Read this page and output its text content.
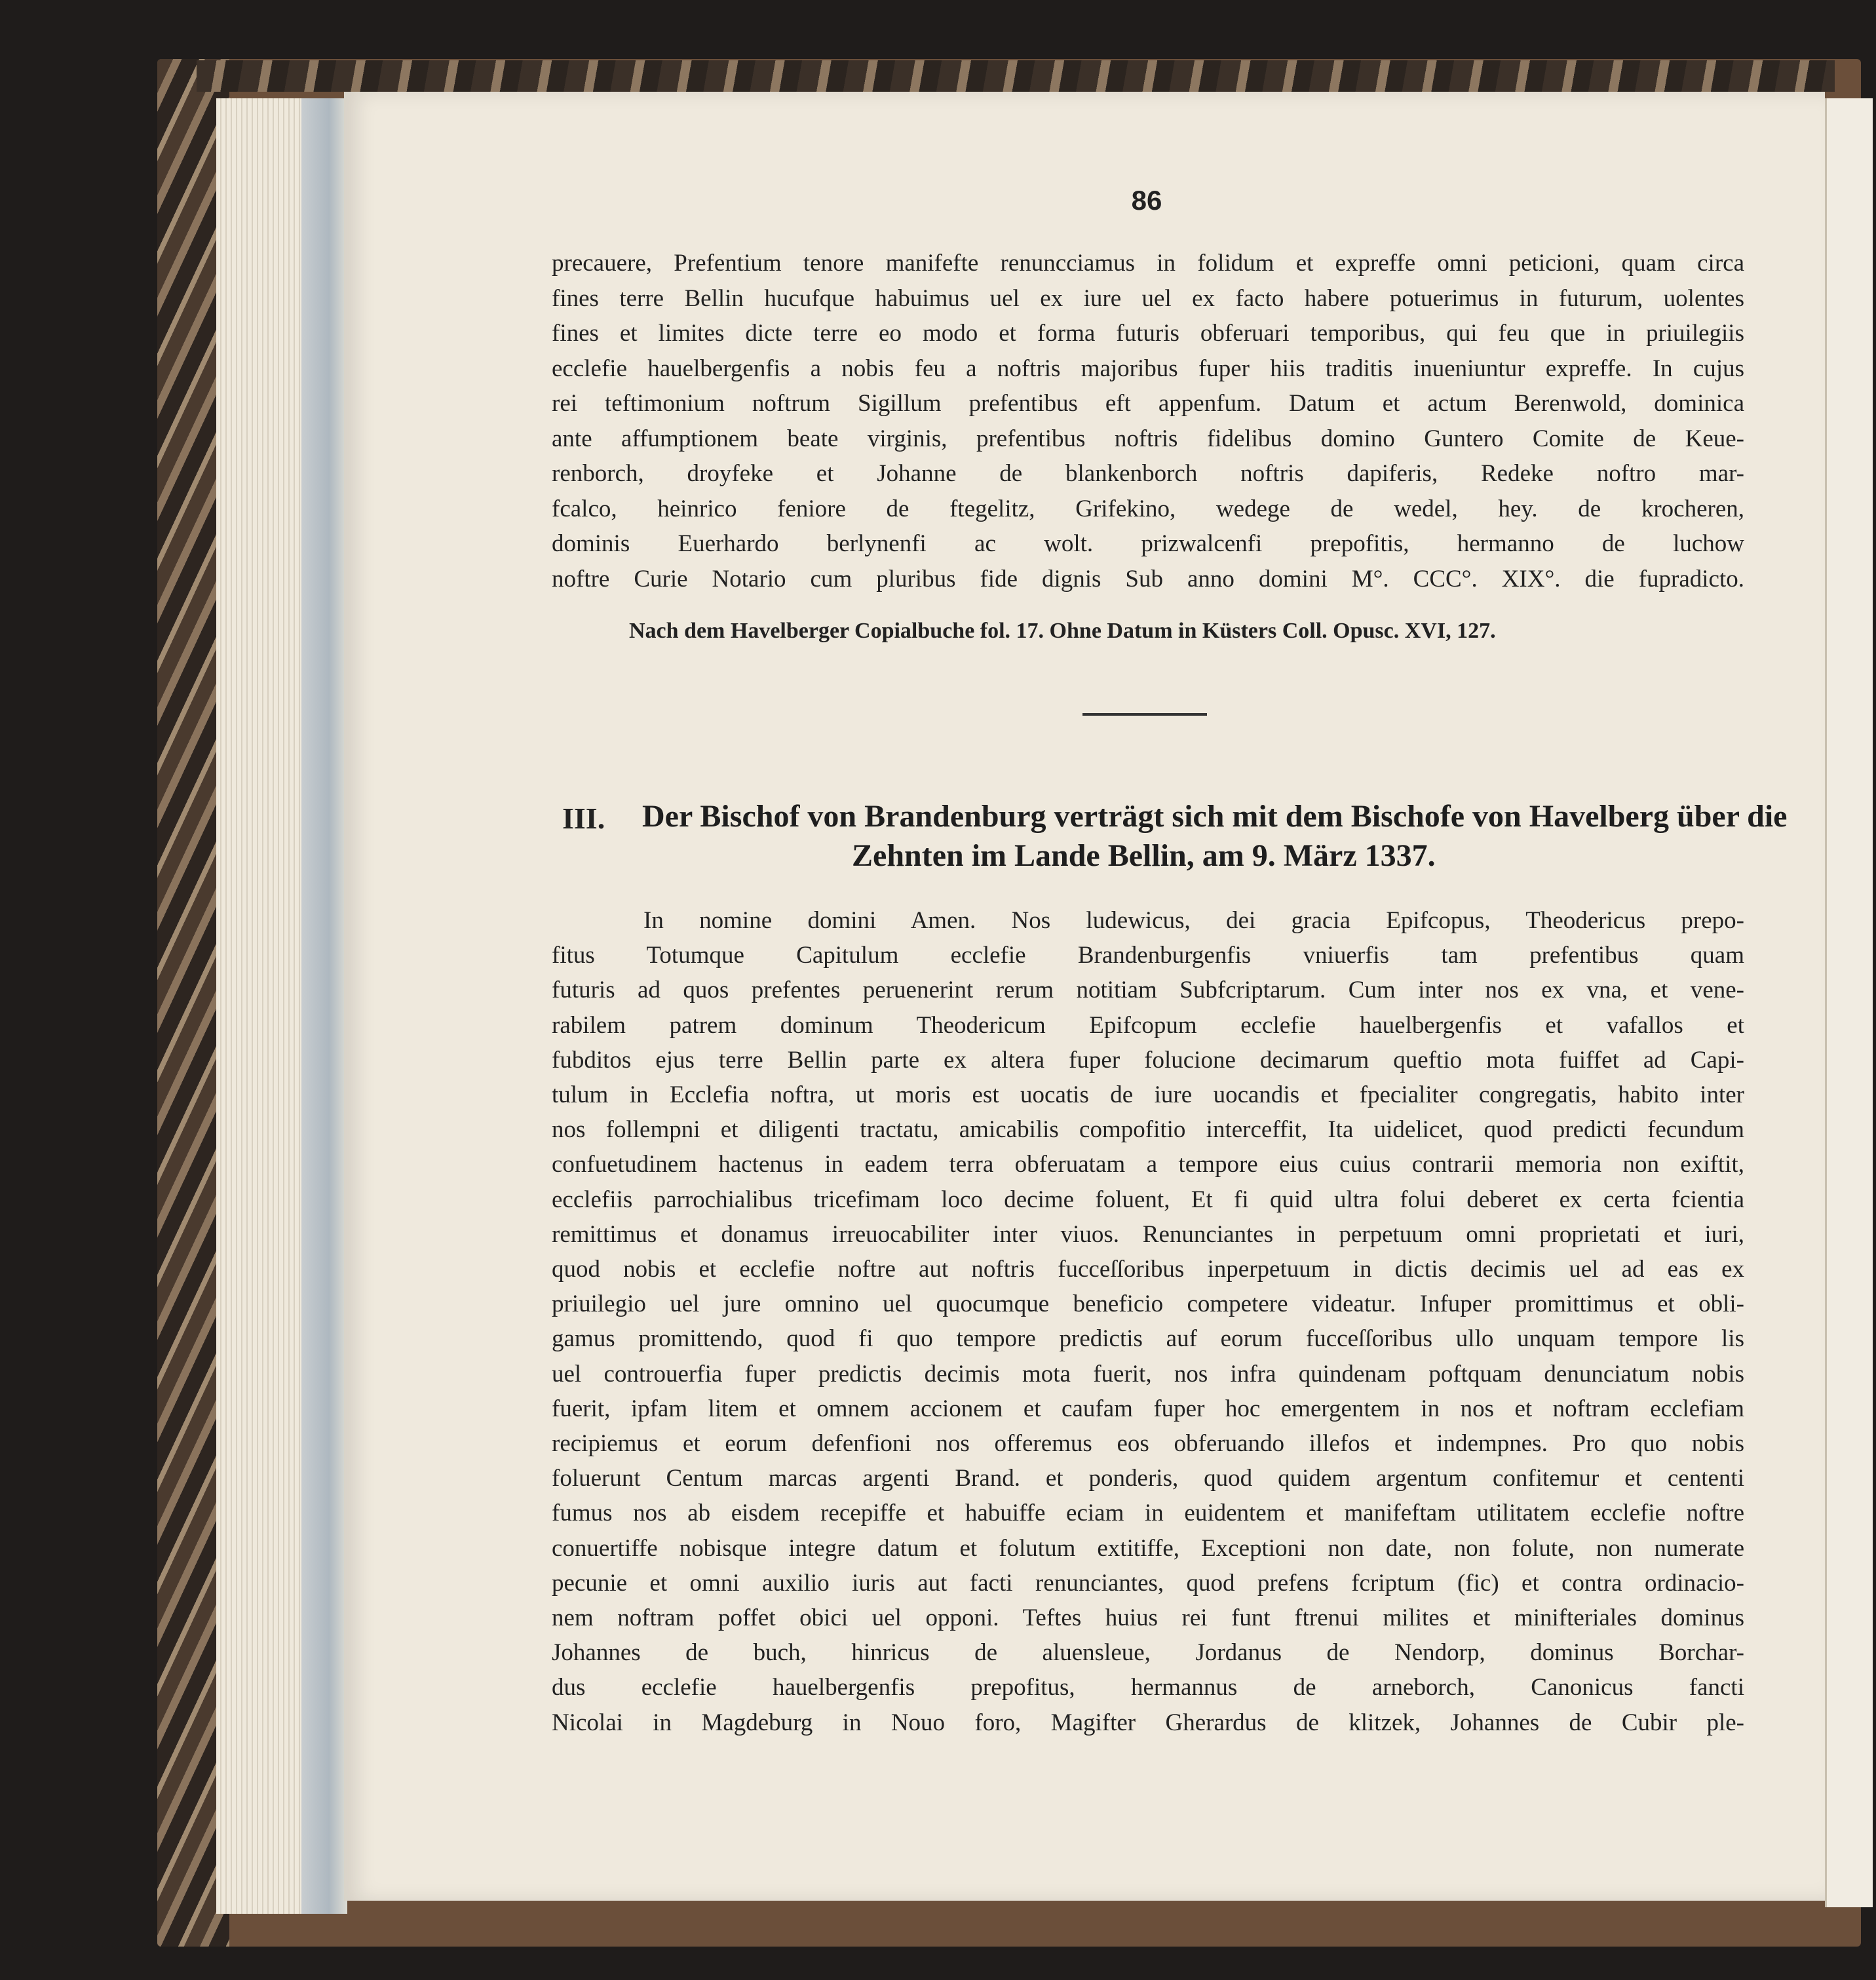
86
precauere, Prefentium tenore manifefte renuncciamus in folidum et expreffe omni peticioni, quam circa
fines terre Bellin hucufque habuimus uel ex iure uel ex facto habere potuerimus in futurum, uolentes
fines et limites dicte terre eo modo et forma futuris obferuari temporibus, qui feu que in priuilegiis
ecclefie hauelbergenfis a nobis feu a noftris majoribus fuper hiis traditis inueniuntur expreffe. In cujus
rei teftimonium noftrum Sigillum prefentibus eft appenfum. Datum et actum Berenwold, dominica
ante affumptionem beate virginis, prefentibus noftris fidelibus domino Guntero Comite de Keue-
renborch, droyfeke et Johanne de blankenborch noftris dapiferis, Redeke noftro mar-
fcalco, heinrico feniore de ftegelitz, Grifekino, wedege de wedel, hey. de krocheren,
dominis Euerhardo berlynenfi ac wolt. prizwalcenfi prepofitis, hermanno de luchow
noftre Curie Notario cum pluribus fide dignis Sub anno domini M°. CCC°. XIX°. die fupradicto.
Nach dem Havelberger Copialbuche fol. 17. Ohne Datum in Küsters Coll. Opusc. XVI, 127.
III. Der Bischof von Brandenburg verträgt sich mit dem Bischofe von Havelberg über die
Zehnten im Lande Bellin, am 9. März 1337.
In nomine domini Amen. Nos ludewicus, dei gracia Epifcopus, Theodericus prepo-
fitus Totumque Capitulum ecclefie Brandenburgenfis vniuerfis tam prefentibus quam
futuris ad quos prefentes peruenerint rerum notitiam Subfcriptarum. Cum inter nos ex vna, et vene-
rabilem patrem dominum Theodericum Epifcopum ecclefie hauelbergenfis et vafallos et
fubditos ejus terre Bellin parte ex altera fuper folucione decimarum queftio mota fuiffet ad Capi-
tulum in Ecclefia noftra, ut moris est uocatis de iure uocandis et fpecialiter congregatis, habito inter
nos follempni et diligenti tractatu, amicabilis compofitio interceffit, Ita uidelicet, quod predicti fecundum
confuetudinem hactenus in eadem terra obferuatam a tempore eius cuius contrarii memoria non exiftit,
ecclefiis parrochialibus tricefimam loco decime foluent, Et fi quid ultra folui deberet ex certa fcientia
remittimus et donamus irreuocabiliter inter viuos. Renunciantes in perpetuum omni proprietati et iuri,
quod nobis et ecclefie noftre aut noftris fucceſſoribus inperpetuum in dictis decimis uel ad eas ex
priuilegio uel jure omnino uel quocumque beneficio competere videatur. Infuper promittimus et obli-
gamus promittendo, quod fi quo tempore predictis auf eorum fucceſſoribus ullo unquam tempore lis
uel controuerfia fuper predictis decimis mota fuerit, nos infra quindenam poftquam denunciatum nobis
fuerit, ipfam litem et omnem accionem et caufam fuper hoc emergentem in nos et noftram ecclefiam
recipiemus et eorum defenfioni nos offeremus eos obferuando illefos et indempnes. Pro quo nobis
foluerunt Centum marcas argenti Brand. et ponderis, quod quidem argentum confitemur et cententi
fumus nos ab eisdem recepiffe et habuiffe eciam in euidentem et manifeftam utilitatem ecclefie noftre
conuertiffe nobisque integre datum et folutum extitiffe, Exceptioni non date, non folute, non numerate
pecunie et omni auxilio iuris aut facti renunciantes, quod prefens fcriptum (fic) et contra ordinacio-
nem noftram poffet obici uel opponi. Teftes huius rei funt ftrenui milites et minifteriales dominus
Johannes de buch, hinricus de aluensleue, Jordanus de Nendorp, dominus Borchar-
dus ecclefie hauelbergenfis prepofitus, hermannus de arneborch, Canonicus fancti
Nicolai in Magdeburg in Nouo foro, Magifter Gherardus de klitzek, Johannes de Cubir ple-
